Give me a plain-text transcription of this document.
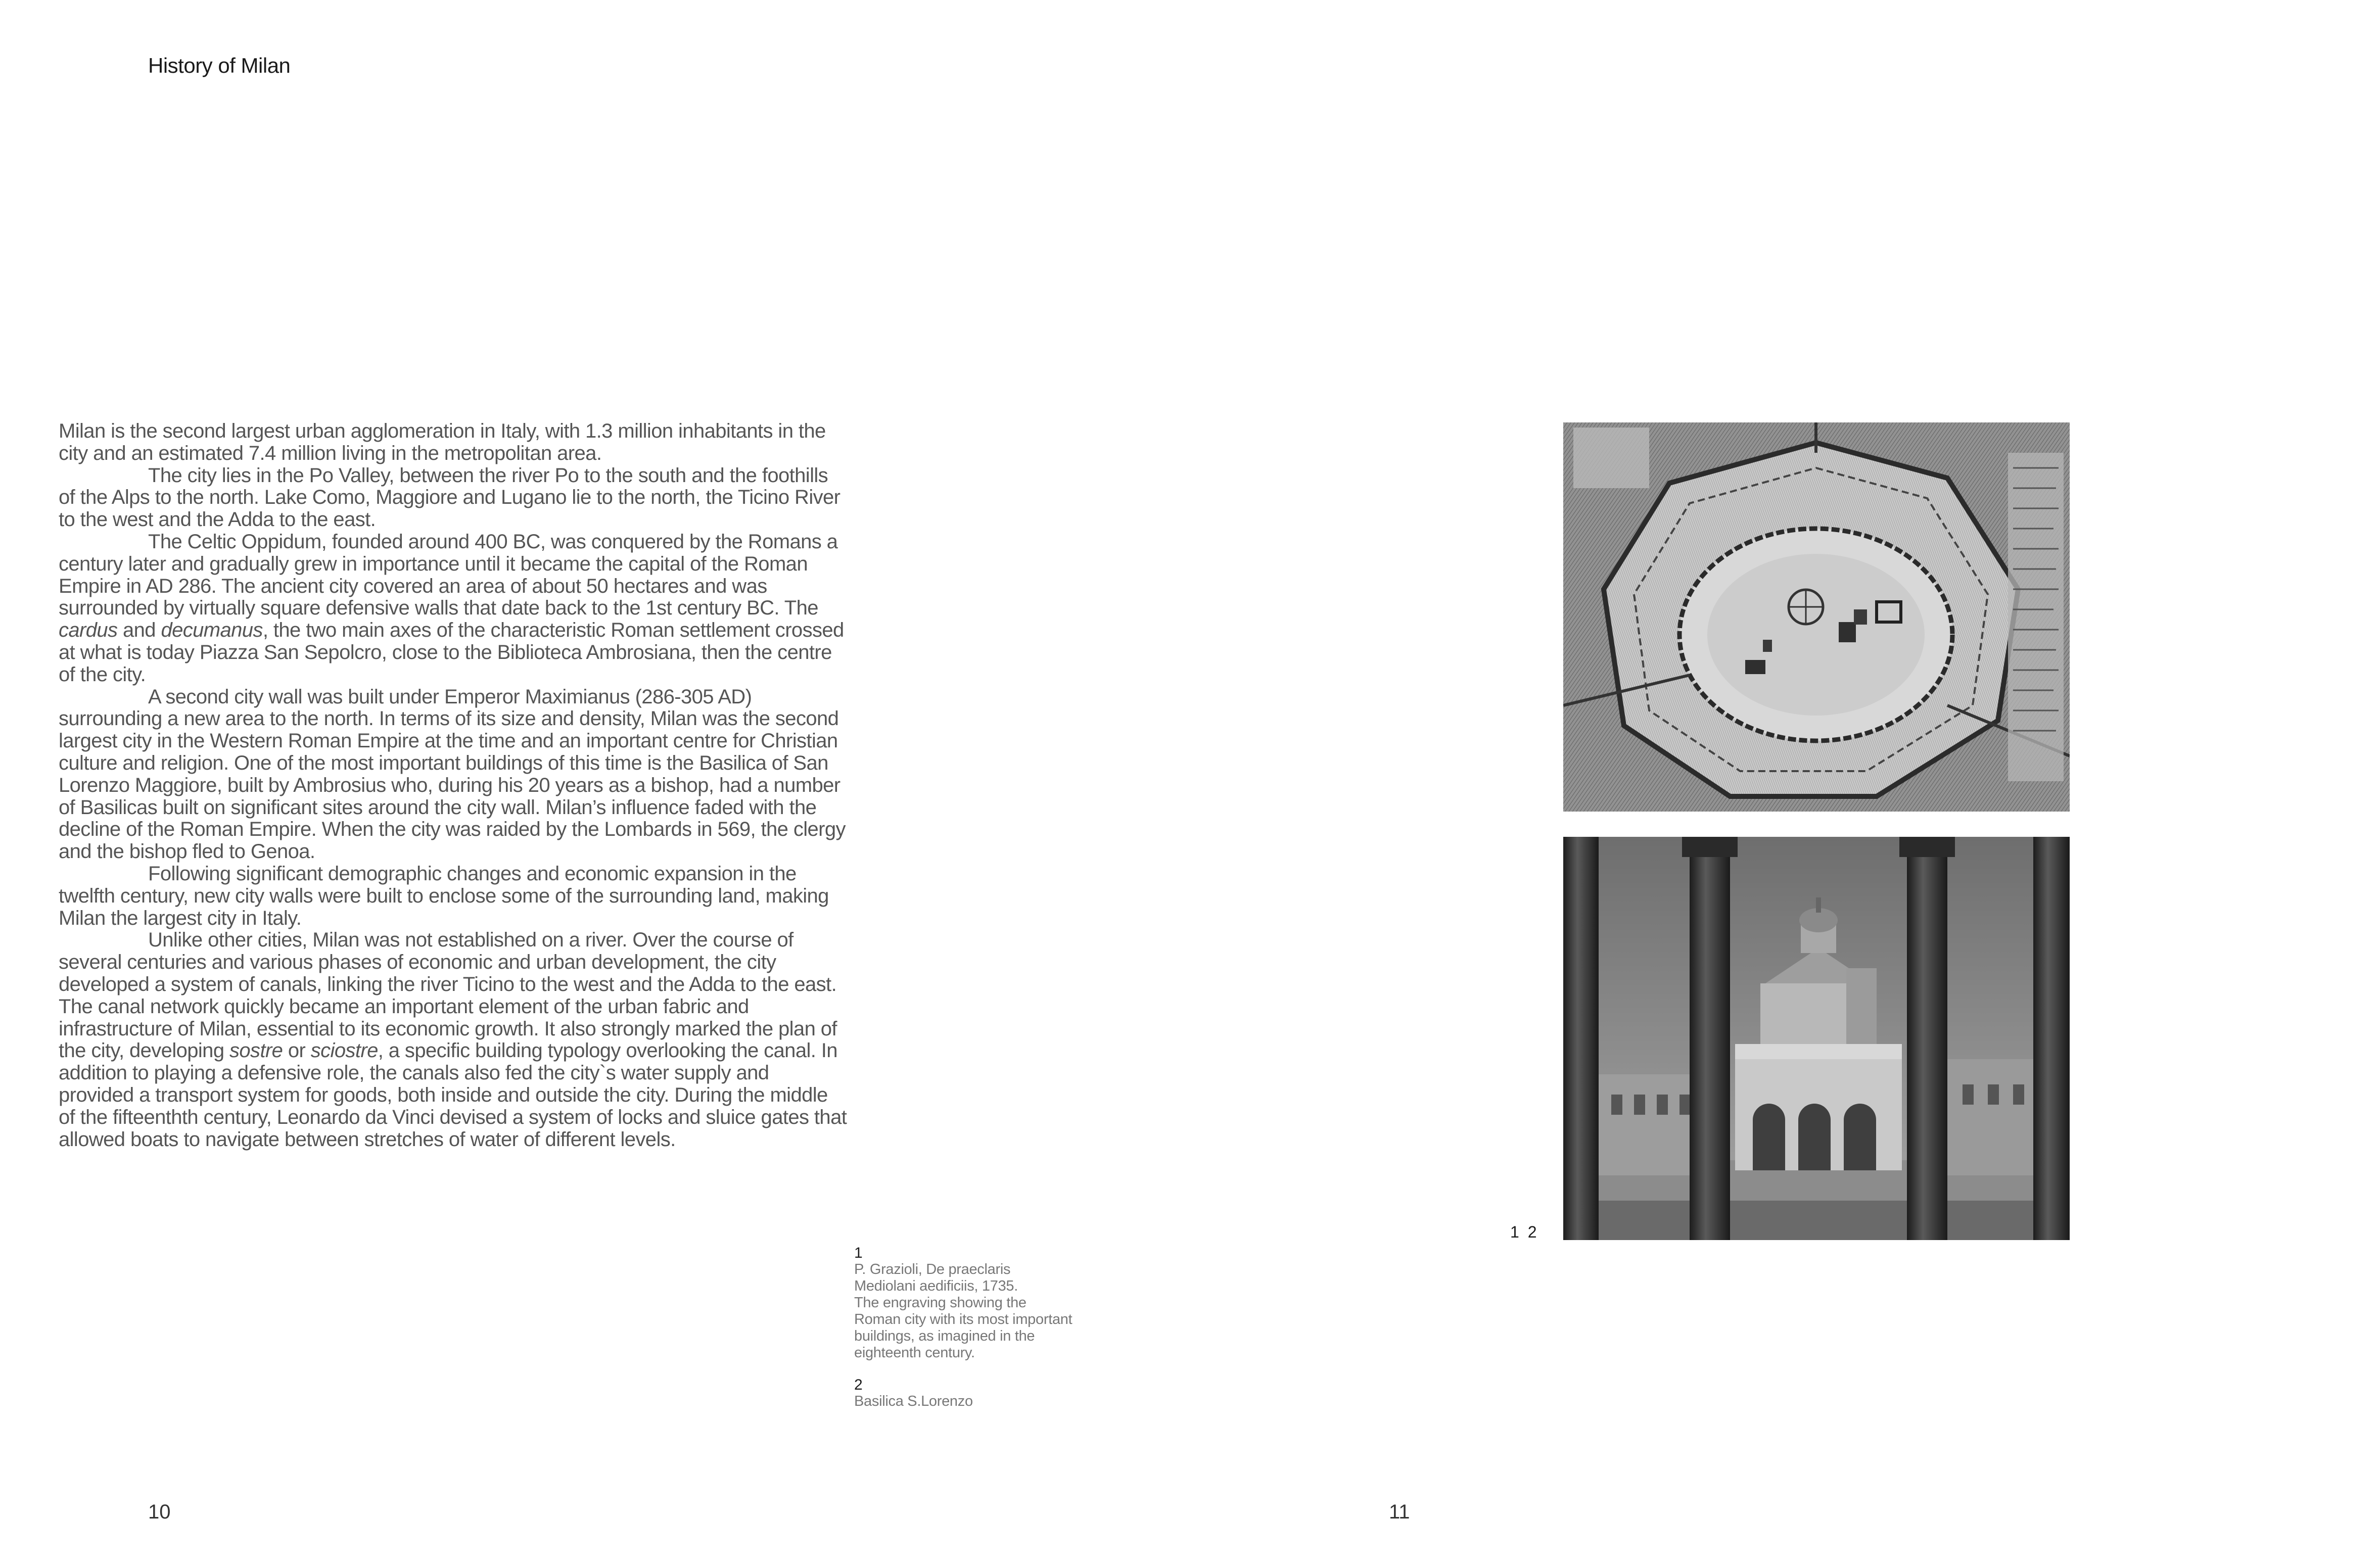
History of Milan

Milan is the second largest urban agglomeration in Italy, with 1.3 million inhabitants in the city and an estimated 7.4 million living in the metropolitan area.

The city lies in the Po Valley, between the river Po to the south and the foothills of the Alps to the north. Lake Como, Maggiore and Lugano lie to the north, the Ticino River to the west and the Adda to the east.

The Celtic Oppidum, founded around 400 BC, was conquered by the Romans a century later and gradually grew in importance until it became the capital of the Roman Empire in AD 286. The ancient city covered an area of about 50 hectares and was surrounded by virtually square defensive walls that date back to the 1st century BC. The cardus and decumanus, the two main axes of the characteristic Roman settlement crossed at what is today Piazza San Sepolcro, close to the Biblioteca Ambrosiana, then the centre of the city.

A second city wall was built under Emperor Maximianus (286-305 AD) surrounding a new area to the north. In terms of its size and density, Milan was the second largest city in the Western Roman Empire at the time and an important centre for Christian culture and religion. One of the most important buildings of this time is the Basilica of San Lorenzo Maggiore, built by Ambrosius who, during his 20 years as a bishop, had a number of Basilicas built on significant sites around the city wall. Milan’s influence faded with the decline of the Roman Empire. When the city was raided by the Lombards in 569, the clergy and the bishop fled to Genoa.

Following significant demographic changes and economic expansion in the twelfth century, new city walls were built to enclose some of the surrounding land, making Milan the largest city in Italy.

Unlike other cities, Milan was not established on a river. Over the course of several centuries and various phases of economic and urban development, the city developed a system of canals, linking the river Ticino to the west and the Adda to the east. The canal network quickly became an important element of the urban fabric and infrastructure of Milan, essential to its economic growth. It also strongly marked the plan of the city, developing sostre or sciostre, a specific building typology overlooking the canal. In addition to playing a defensive role, the canals also fed the city`s water supply and provided a transport system for goods, both inside and outside the city. During the middle of the fifteenthth century, Leonardo da Vinci devised a system of locks and sluice gates that allowed boats to navigate between stretches of water of different levels.

1 2
1
P. Grazioli, De praeclaris
Mediolani aedificiis, 1735.
The engraving showing the
Roman city with its most important
buildings, as imagined in the
eighteenth century.
2
Basilica S.Lorenzo
10	11
